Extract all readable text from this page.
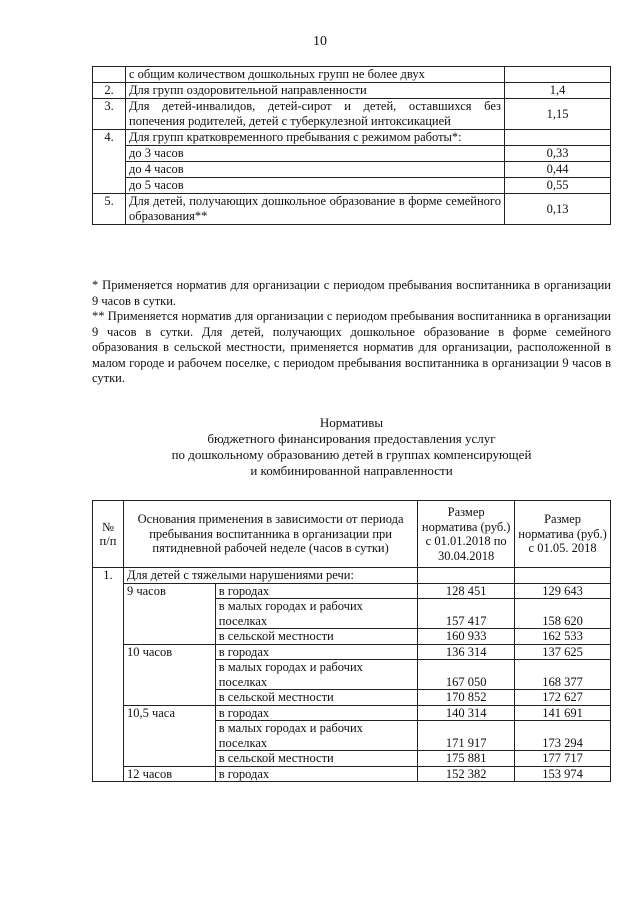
10
	с общим количеством дошкольных групп не более двух	
2.	Для групп оздоровительной направленности	1,4
3.	Для детей-инвалидов, детей-сирот и детей, оставшихся без попечения родителей, детей с туберкулезной интоксикацией	1,15
4.	Для групп кратковременного пребывания с режимом работы*:	
	до 3 часов	0,33
	до 4 часов	0,44
	до 5 часов	0,55
5.	Для детей, получающих дошкольное образование в форме семейного образования**	0,13

* Применяется норматив для организации с периодом пребывания воспитанника в организации 9 часов в сутки.

** Применяется норматив для организации с периодом пребывания воспитанника в организации 9 часов в сутки. Для детей, получающих дошкольное образование в форме семейного образования в сельской местности, применяется норматив для организации, расположенной в малом городе и рабочем поселке, с периодом пребывания воспитанника в организации 9 часов в сутки.

Нормативы
бюджетного финансирования предоставления услуг
по дошкольному образованию детей в группах компенсирующей
и комбинированной направленности
№ п/п	Основания применения в зависимости от периода пребывания воспитанника в организации при пятидневной рабочей неделе (часов в сутки)		Размер норматива (руб.) с 01.01.2018 по 30.04.2018	Размер норматива (руб.) с 01.05. 2018
1.	Для детей с тяжелыми нарушениями речи:			
	9 часов	в городах	128 451	129 643
		в малых городах и рабочих поселках	157 417	158 620
		в сельской местности	160 933	162 533
	10 часов	в городах	136 314	137 625
		в малых городах и рабочих поселках	167 050	168 377
		в сельской местности	170 852	172 627
	10,5 часа	в городах	140 314	141 691
		в малых городах и рабочих поселках	171 917	173 294
		в сельской местности	175 881	177 717
	12 часов	в городах	152 382	153 974
